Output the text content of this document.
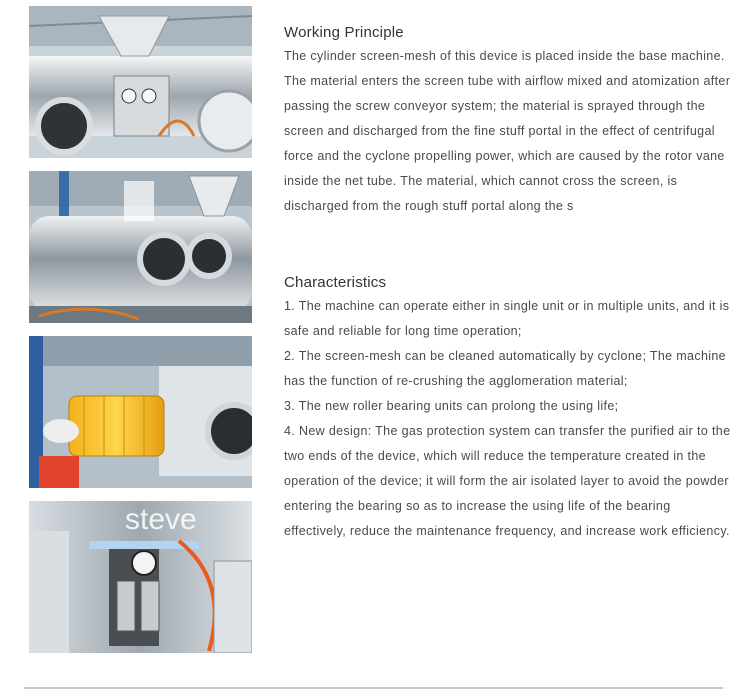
steve
Working Principle

The cylinder screen-mesh of this device is placed inside the base machine. The material enters the screen tube with airflow mixed and atomization after passing the screw conveyor system; the material is sprayed through the screen and discharged from the fine stuff portal in the effect of centrifugal force and the cyclone propelling power, which are caused by the rotor vane inside the net tube. The material, which cannot cross the screen, is discharged from the rough stuff portal along the s

Characteristics

1. The machine can operate either in single unit or in multiple units, and it is safe and reliable for long time operation;

2. The screen-mesh can be cleaned automatically by cyclone; The machine has the function of re-crushing the agglomeration material;

3. The new roller bearing units can prolong the using life;

4. New design: The gas protection system can transfer the purified air to the two ends of the device, which will reduce the temperature created in the operation of the device; it will form the air isolated layer to avoid the powder entering the bearing so as to increase the using life of the bearing effectively, reduce the maintenance frequency, and increase work efficiency.
